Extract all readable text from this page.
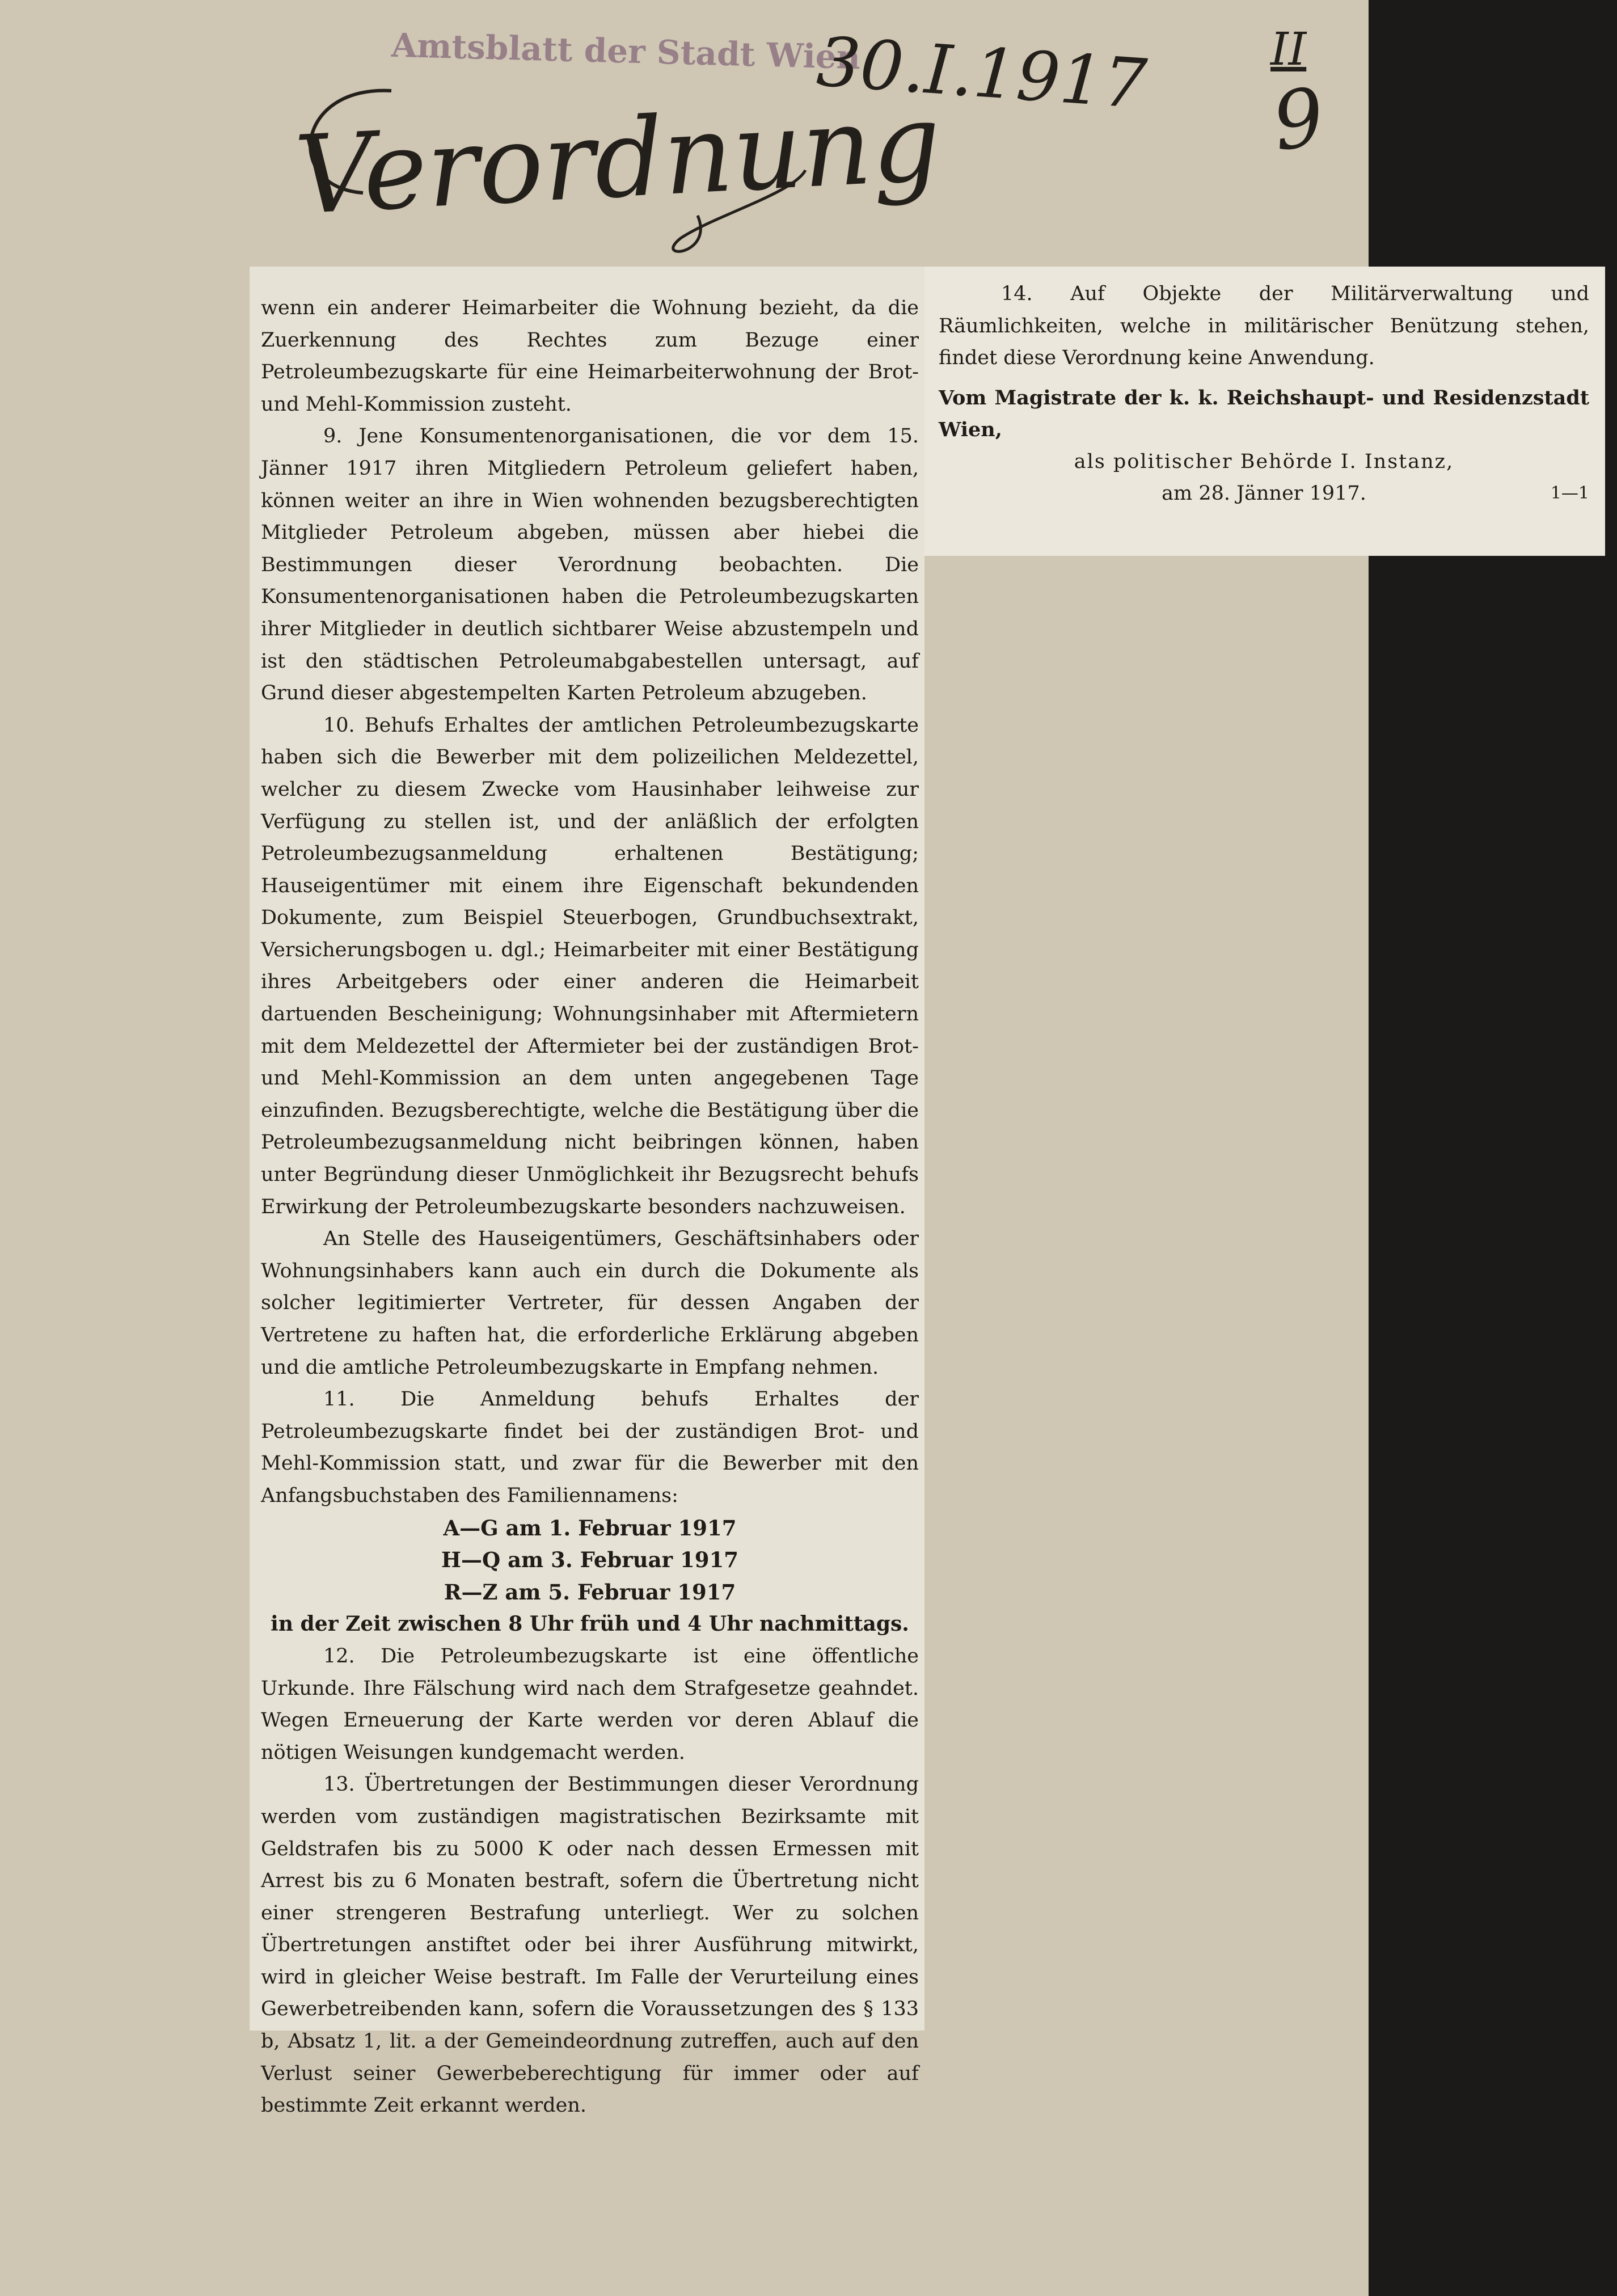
Amtsblatt der Stadt Wien
30.I.1917	II
9
Verordnung

wenn ein anderer Heimarbeiter die Wohnung bezieht, da die Zuerkennung des Rechtes zum Bezuge einer Petroleumbezugskarte für eine Heimarbeiterwohnung der Brot- und Mehl-Kommission zusteht.

9. Jene Konsumentenorganisationen, die vor dem 15. Jänner 1917 ihren Mitgliedern Petroleum geliefert haben, können weiter an ihre in Wien wohnenden bezugsberechtigten Mitglieder Petroleum abgeben, müssen aber hiebei die Bestimmungen dieser Verordnung beobachten. Die Konsumentenorganisationen haben die Petroleumbezugskarten ihrer Mitglieder in deutlich sichtbarer Weise abzustempeln und ist den städtischen Petroleumabgabestellen untersagt, auf Grund dieser abgestempelten Karten Petroleum abzugeben.

10. Behufs Erhaltes der amtlichen Petroleumbezugskarte haben sich die Bewerber mit dem polizeilichen Meldezettel, welcher zu diesem Zwecke vom Hausinhaber leihweise zur Verfügung zu stellen ist, und der anläßlich der erfolgten Petroleumbezugsanmeldung erhaltenen Bestätigung; Hauseigentümer mit einem ihre Eigenschaft bekundenden Dokumente, zum Beispiel Steuerbogen, Grundbuchsextrakt, Versicherungsbogen u. dgl.; Heimarbeiter mit einer Bestätigung ihres Arbeitgebers oder einer anderen die Heimarbeit dartuenden Bescheinigung; Wohnungsinhaber mit Aftermietern mit dem Meldezettel der Aftermieter bei der zuständigen Brot- und Mehl-Kommission an dem unten angegebenen Tage einzufinden. Bezugsberechtigte, welche die Bestätigung über die Petroleumbezugsanmeldung nicht beibringen können, haben unter Begründung dieser Unmöglichkeit ihr Bezugsrecht behufs Erwirkung der Petroleumbezugskarte besonders nachzuweisen.

An Stelle des Hauseigentümers, Geschäftsinhabers oder Wohnungsinhabers kann auch ein durch die Dokumente als solcher legitimierter Vertreter, für dessen Angaben der Vertretene zu haften hat, die erforderliche Erklärung abgeben und die amtliche Petroleumbezugskarte in Empfang nehmen.

11. Die Anmeldung behufs Erhaltes der Petroleumbezugskarte findet bei der zuständigen Brot- und Mehl-Kommission statt, und zwar für die Bewerber mit den Anfangsbuchstaben des Familiennamens:

A—G am 1. Februar 1917

H—Q am 3. Februar 1917

R—Z am 5. Februar 1917

in der Zeit zwischen 8 Uhr früh und 4 Uhr nachmittags.

12. Die Petroleumbezugskarte ist eine öffentliche Urkunde. Ihre Fälschung wird nach dem Strafgesetze geahndet. Wegen Erneuerung der Karte werden vor deren Ablauf die nötigen Weisungen kundgemacht werden.

13. Übertretungen der Bestimmungen dieser Verordnung werden vom zuständigen magistratischen Bezirksamte mit Geldstrafen bis zu 5000 K oder nach dessen Ermessen mit Arrest bis zu 6 Monaten bestraft, sofern die Übertretung nicht einer strengeren Bestrafung unterliegt. Wer zu solchen Übertretungen anstiftet oder bei ihrer Ausführung mitwirkt, wird in gleicher Weise bestraft. Im Falle der Verurteilung eines Gewerbetreibenden kann, sofern die Voraussetzungen des § 133 b, Absatz 1, lit. a der Gemeindeordnung zutreffen, auch auf den Verlust seiner Gewerbeberechtigung für immer oder auf bestimmte Zeit erkannt werden.

14. Auf Objekte der Militärverwaltung und Räumlichkeiten, welche in militärischer Benützung stehen, findet diese Verordnung keine Anwendung.

Vom Magistrate der k. k. Reichshaupt- und Residenzstadt Wien,
als politischer Behörde I. Instanz,
am 28. Jänner 1917.	1—1
